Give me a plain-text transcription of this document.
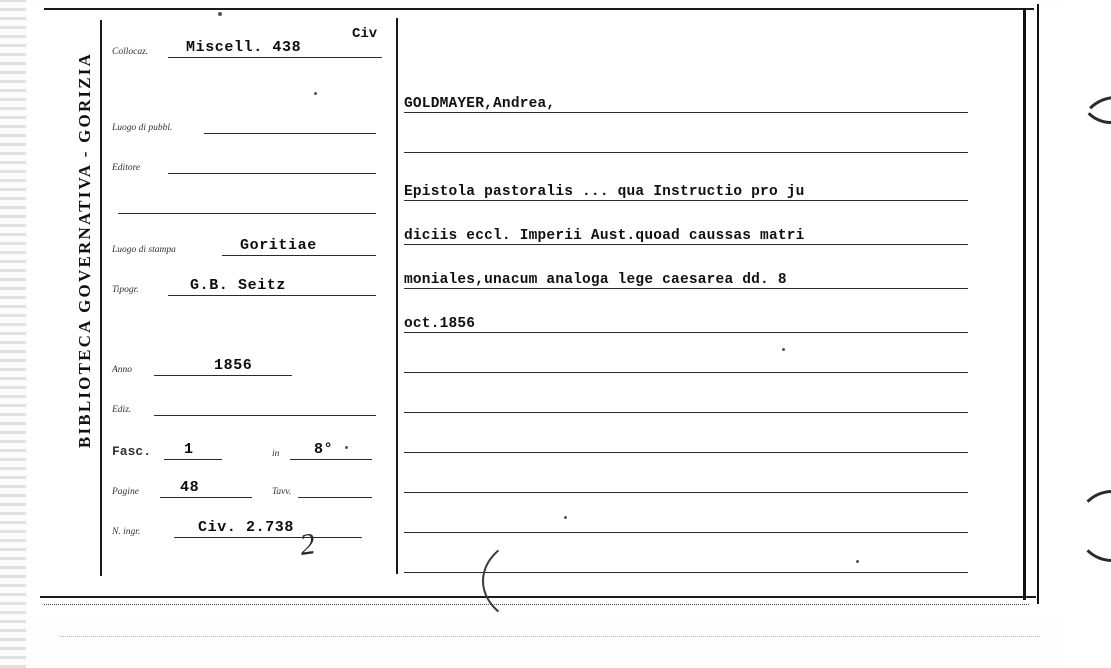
BIBLIOTECA GOVERNATIVA - GORIZIA Collocaz.	Miscell. 438
Civ
Luogo di pubbl.
Editore
Luogo di stampa	Goritiae
Tipogr.	G.B. Seitz
Anno	1856
Ediz.
Fasc. 1	in 8°
Pagine	48	Tavv.
N. ingr.	Civ. 2.738 2
GOLDMAYER,Andrea,
Epistola pastoralis ... qua Instructio pro ju
diciis eccl. Imperii Aust.quoad caussas matri
moniales,unacum analoga lege caesarea dd. 8
oct.1856
